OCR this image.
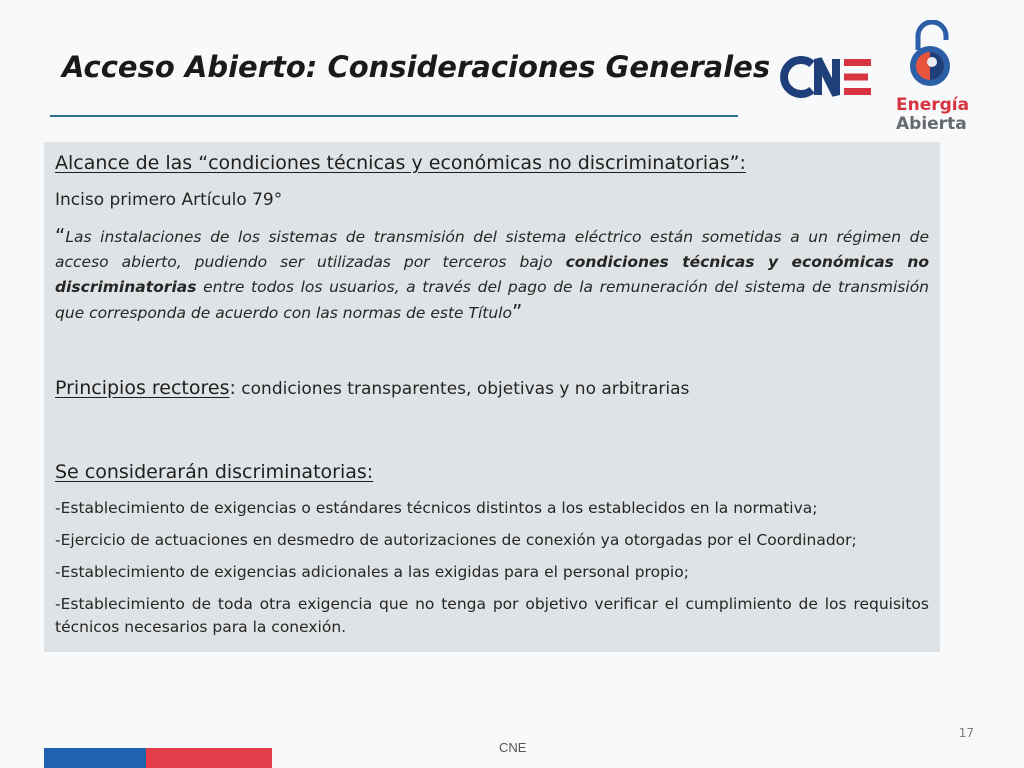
Acceso Abierto: Consideraciones Generales
Energía
Abierta
Alcance de las “condiciones técnicas y económicas no discriminatorias”:
Inciso primero Artículo 79°

“Las instalaciones de los sistemas de transmisión del sistema eléctrico están sometidas a un régimen de acceso abierto, pudiendo ser utilizadas por terceros bajo condiciones técnicas y económicas no discriminatorias entre todos los usuarios, a través del pago de la remuneración del sistema de transmisión que corresponda de acuerdo con las normas de este Título”

Principios rectores: condiciones transparentes, objetivas y no arbitrarias
Se considerarán discriminatorias:

-Establecimiento de exigencias o estándares técnicos distintos a los establecidos en la normativa;

-Ejercicio de actuaciones en desmedro de autorizaciones de conexión ya otorgadas por el Coordinador;

-Establecimiento de exigencias adicionales a las exigidas para el personal propio;

-Establecimiento de toda otra exigencia que no tenga por objetivo verificar el cumplimiento de los requisitos técnicos necesarios para la conexión.

17
CNE
